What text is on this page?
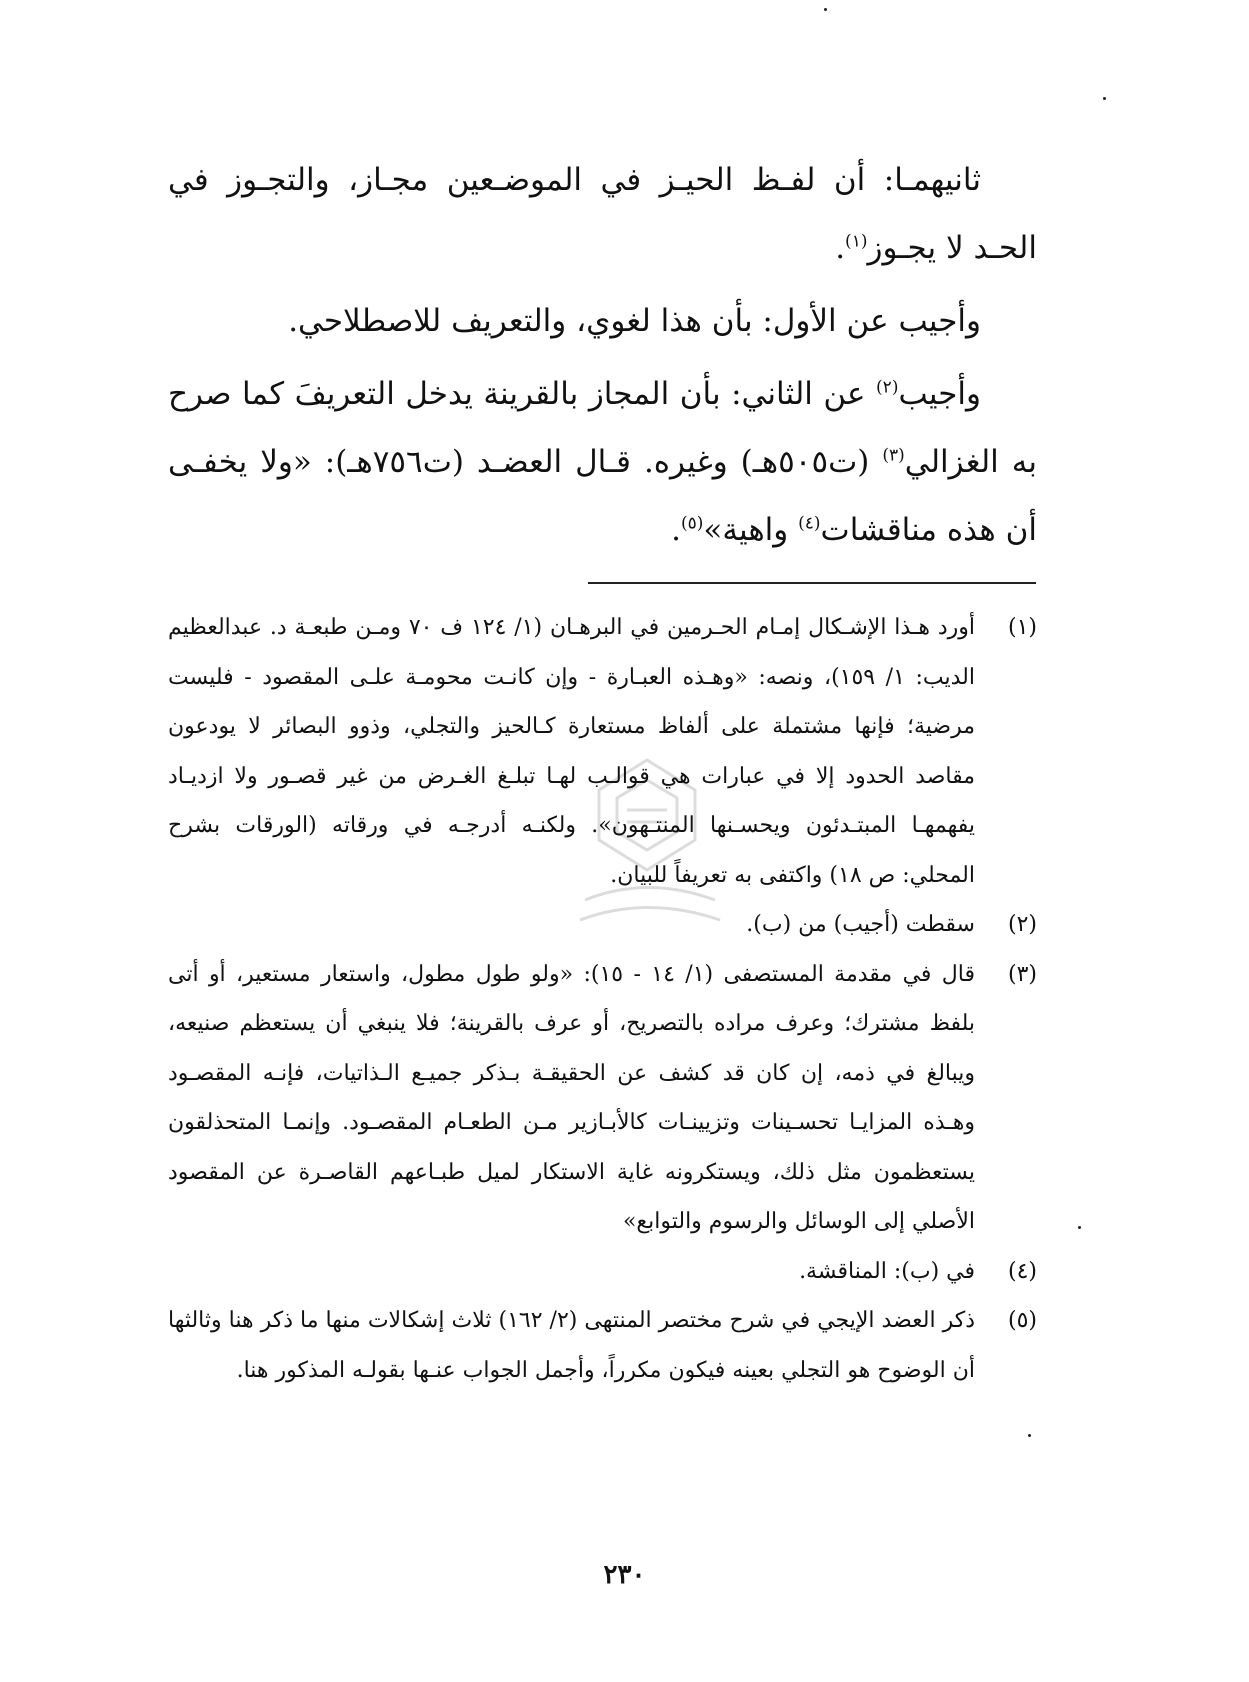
ثانيهمـا: أن لفـظ الحيـز في الموضـعين مجـاز، والتجـوز في الحـد لا يجـوز$^{(١)}$.

وأجيب عن الأول: بأن هذا لغوي، والتعريف للاصطلاحي.

وأجيب$^{(٢)}$ عن الثاني: بأن المجاز بالقرينة يدخل التعريفَ كما صرح به الغزالي$^{(٣)}$ (ت٥٠٥هـ) وغيره. قـال العضـد (ت٧٥٦هـ): «ولا يخفـى أن هذه مناقشات$^{(٤)}$ واهية»$^{(٥)}$.

(١)
أورد هـذا الإشـكال إمـام الحـرمين في البرهـان (١/ ١٢٤ ف ٧٠ ومـن طبعـة د. عبدالعظيم الديب: ١/ ١٥٩)، ونصه: «وهـذه العبـارة - وإن كانـت محومـة علـى المقصود - فليست مرضية؛ فإنها مشتملة على ألفاظ مستعارة كـالحيز والتجلي، وذوو البصائر لا يودعون مقاصد الحدود إلا في عبارات هي قوالـب لهـا تبلـغ الغـرض من غير قصـور ولا ازديـاد يفهمهـا المبتـدئون ويحسـنها المنتـهون». ولكنـه أدرجـه في ورقاته (الورقات بشرح المحلي: ص ١٨) واكتفى به تعريفاً للبيان.
(٢)
سقطت (أجيب) من (ب).
(٣)
قال في مقدمة المستصفى (١/ ١٤ - ١٥): «ولو طول مطول، واستعار مستعير، أو أتى بلفظ مشترك؛ وعرف مراده بالتصريح، أو عرف بالقرينة؛ فلا ينبغي أن يستعظم صنيعه، ويبالغ في ذمه، إن كان قد كشف عن الحقيقـة بـذكر جميـع الـذاتيات، فإنـه المقصـود وهـذه المزايـا تحسـينات وتزيينـات كالأبـازير مـن الطعـام المقصـود. وإنمـا المتحذلقون يستعظمون مثل ذلك، ويستكرونه غاية الاستكار لميل طبـاعهم القاصـرة عن المقصود الأصلي إلى الوسائل والرسوم والتوابع»
(٤)
في (ب): المناقشة.
(٥)
ذكر العضد الإيجي في شرح مختصر المنتهى (٢/ ١٦٢) ثلاث إشكالات منها ما ذكر هنا وثالثها أن الوضوح هو التجلي بعينه فيكون مكرراً، وأجمل الجواب عنـها بقولـه المذكور هنا.
٢٣٠
